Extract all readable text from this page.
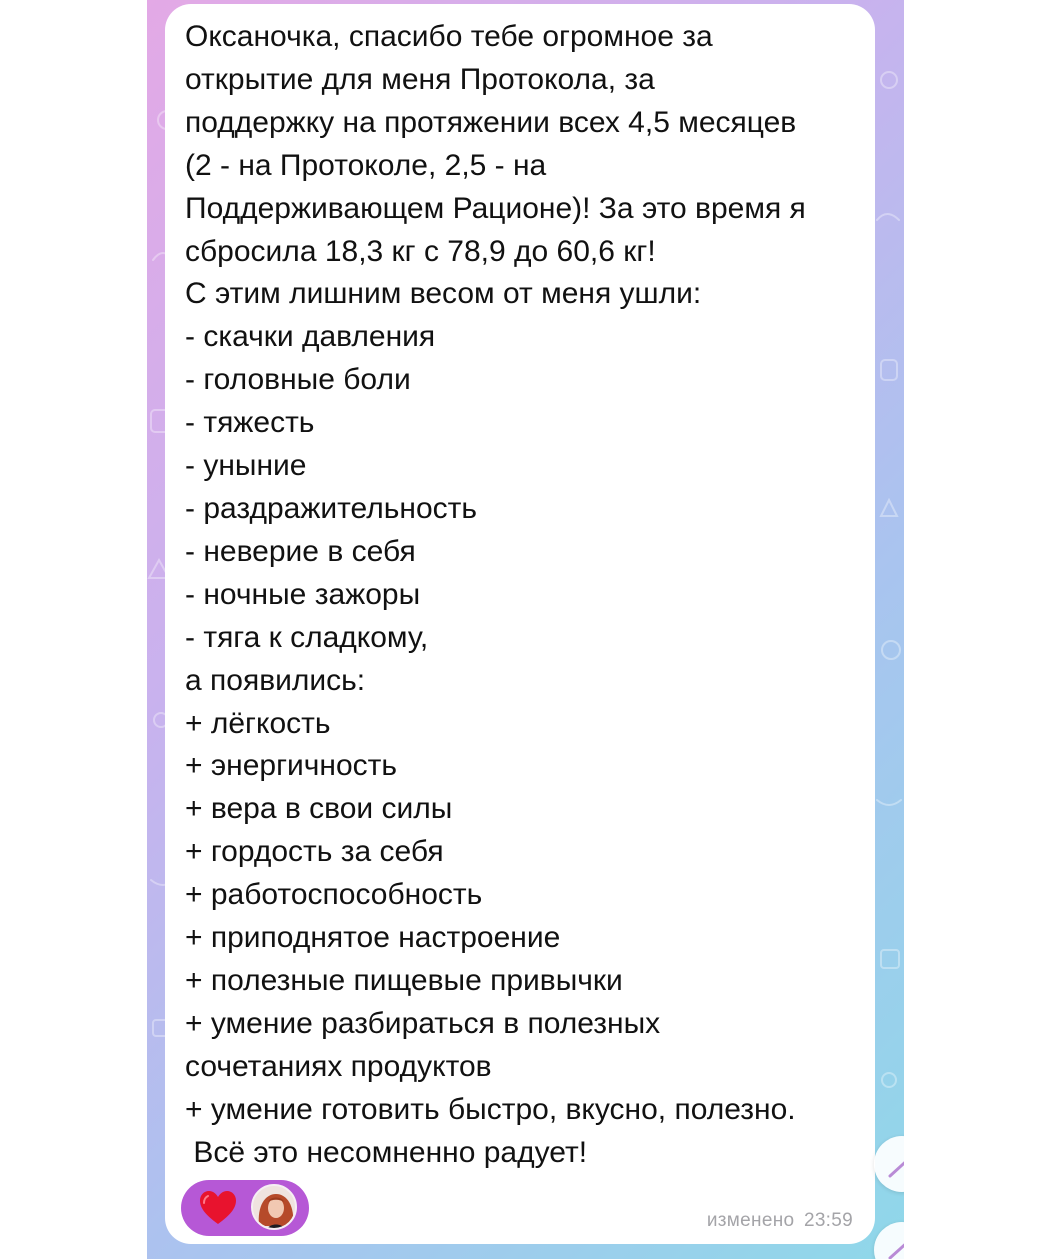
Оксаночка, спасибо тебе огромное за
открытие для меня Протокола, за
поддержку на протяжении всех 4,5 месяцев
(2 - на Протоколе, 2,5 - на
Поддерживающем Рационе)! За это время я
сбросила 18,3 кг с 78,9 до 60,6 кг!
С этим лишним весом от меня ушли:
- скачки давления
- головные боли
- тяжесть
- уныние
- раздражительность
- неверие в себя
- ночные зажоры
- тяга к сладкому,
а появились:
+ лёгкость
+ энергичность
+ вера в свои силы
+ гордость за себя
+ работоспособность
+ приподнятое настроение
+ полезные пищевые привычки
+ умение разбираться в полезных
сочетаниях продуктов
+ умение готовить быстро, вкусно, полезно.
Всё это несомненно радует!

изменено 23:59
